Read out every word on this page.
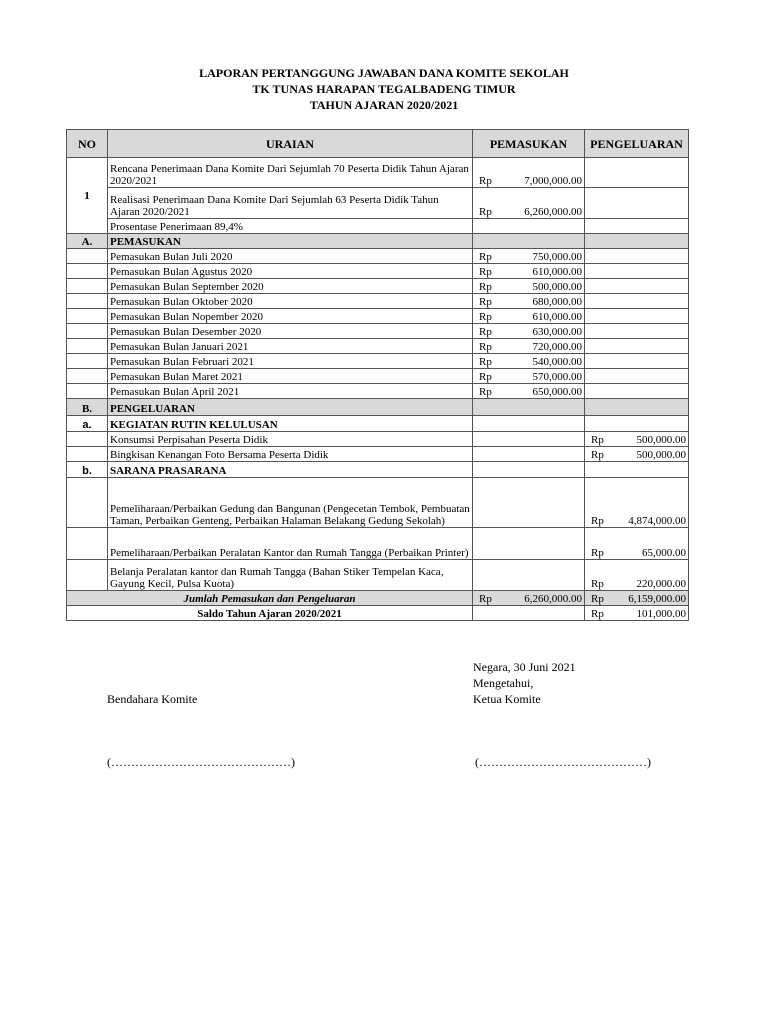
LAPORAN PERTANGGUNG JAWABAN DANA KOMITE SEKOLAH
TK TUNAS HARAPAN TEGALBADENG TIMUR
TAHUN AJARAN 2020/2021
NO	URAIAN	PEMASUKAN	PENGELUARAN
1	Rencana Penerimaan Dana Komite Dari Sejumlah 70 Peserta Didik Tahun Ajaran 2020/2021	Rp 7,000,000.00	

	Realisasi Penerimaan Dana Komite Dari Sejumlah 63 Peserta Didik Tahun Ajaran 2020/2021	Rp 6,260,000.00	

	Prosentase Penerimaan 89,4%		
A.	PEMASUKAN		
	Pemasukan Bulan Juli 2020	Rp 750,000.00	

	Pemasukan Bulan Agustus 2020	Rp 610,000.00	

	Pemasukan Bulan September 2020	Rp 500,000.00	

	Pemasukan Bulan Oktober 2020	Rp 680,000.00	

	Pemasukan Bulan Nopember 2020	Rp 610,000.00	

	Pemasukan Bulan Desember 2020	Rp 630,000.00	

	Pemasukan Bulan Januari 2021	Rp 720,000.00	

	Pemasukan Bulan Februari 2021	Rp 540,000.00	

	Pemasukan Bulan Maret 2021	Rp 570,000.00	

	Pemasukan Bulan April 2021	Rp 650,000.00	

B.	PENGELUARAN		
a.	KEGIATAN RUTIN KELULUSAN		
	Konsumsi Perpisahan Peserta Didik		Rp 500,000.00

	Bingkisan Kenangan Foto Bersama Peserta Didik		Rp 500,000.00

b.	SARANA PRASARANA		
	Pemeliharaan/Perbaikan Gedung dan Bangunan (Pengecetan Tembok, Pembuatan Taman, Perbaikan Genteng, Perbaikan Halaman Belakang Gedung Sekolah)		Rp 4,874,000.00

	Pemeliharaan/Perbaikan Peralatan Kantor dan Rumah Tangga (Perbaikan Printer)		Rp 65,000.00

	Belanja Peralatan kantor dan Rumah Tangga (Bahan Stiker Tempelan Kaca, Gayung Kecil, Pulsa Kuota)		Rp 220,000.00

Jumlah Pemasukan dan Pengeluaran		Rp 6,260,000.00	Rp 6,159,000.00

Saldo Tahun Ajaran 2020/2021			Rp 101,000.00
Negara, 30 Juni 2021
Mengetahui,
Bendahara Komite	Ketua Komite
(………………………………………)	(……………………………………)
